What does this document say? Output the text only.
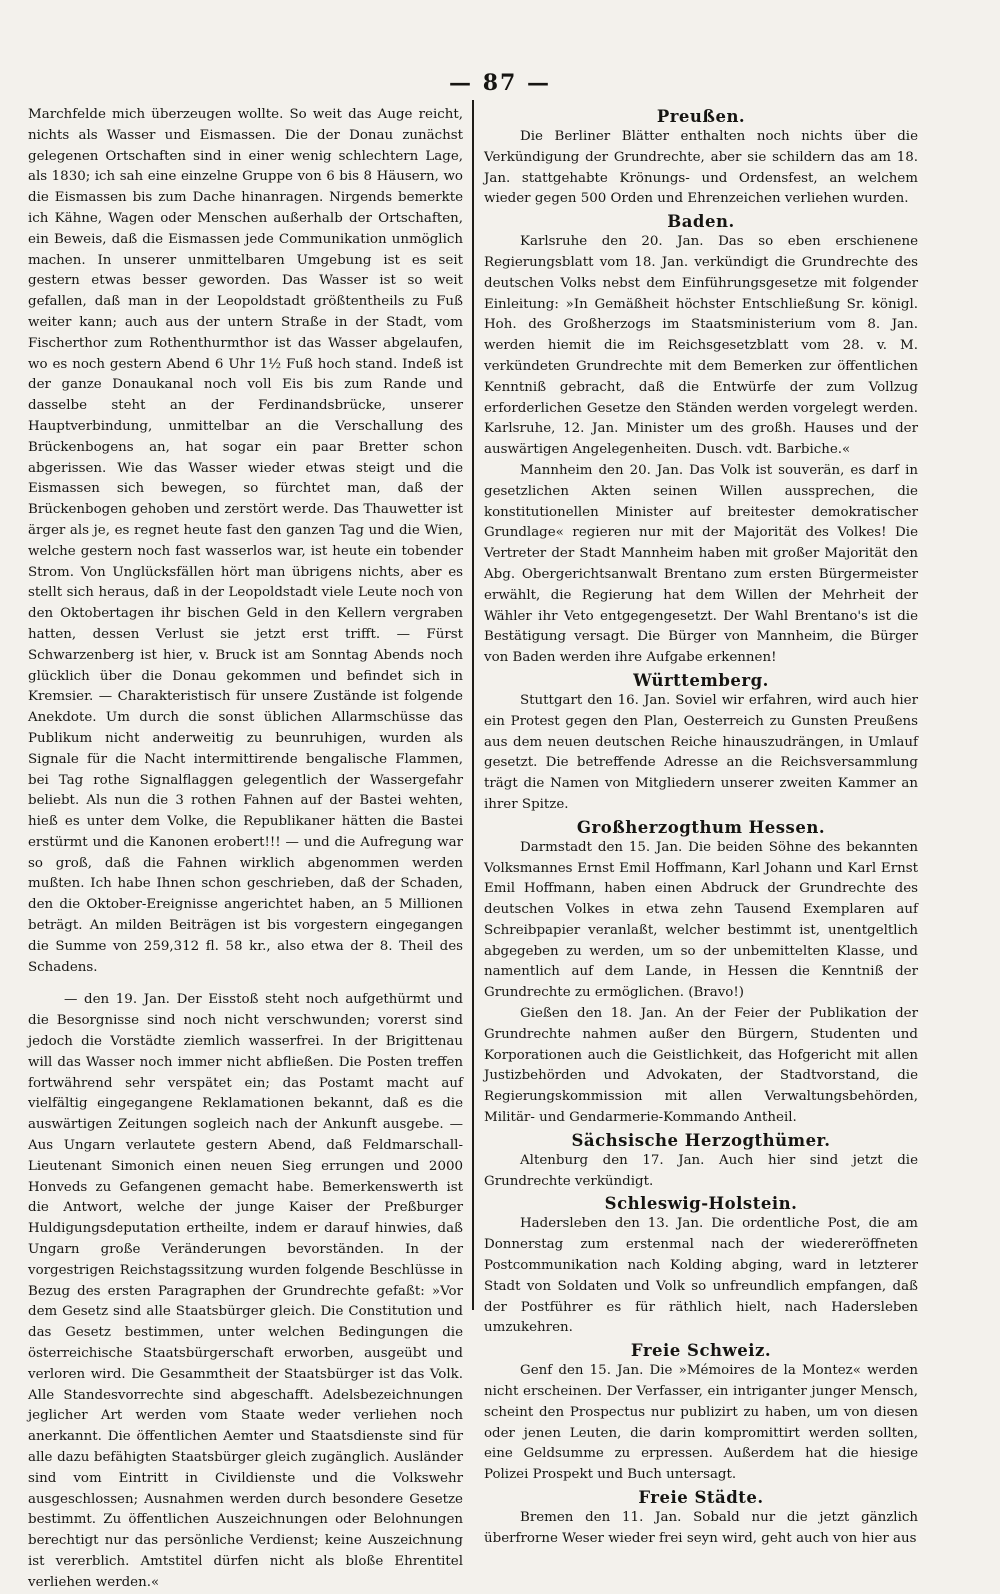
— 87 —

Marchfelde mich überzeugen wollte. So weit das Auge reicht, nichts als Wasser und Eismassen. Die der Donau zunächst gelegenen Ortschaften sind in einer wenig schlechtern Lage, als 1830; ich sah eine einzelne Gruppe von 6 bis 8 Häusern, wo die Eismassen bis zum Dache hinanragen. Nirgends bemerkte ich Kähne, Wagen oder Menschen außerhalb der Ortschaften, ein Beweis, daß die Eismassen jede Communikation unmöglich machen. In unserer unmittelbaren Umgebung ist es seit gestern etwas besser geworden. Das Wasser ist so weit gefallen, daß man in der Leopoldstadt größtentheils zu Fuß weiter kann; auch aus der untern Straße in der Stadt, vom Fischerthor zum Rothenthurmthor ist das Wasser abgelaufen, wo es noch gestern Abend 6 Uhr 1½ Fuß hoch stand. Indeß ist der ganze Donaukanal noch voll Eis bis zum Rande und dasselbe steht an der Ferdinandsbrücke, unserer Hauptverbindung, unmittelbar an die Verschallung des Brückenbogens an, hat sogar ein paar Bretter schon abgerissen. Wie das Wasser wieder etwas steigt und die Eismassen sich bewegen, so fürchtet man, daß der Brückenbogen gehoben und zerstört werde. Das Thauwetter ist ärger als je, es regnet heute fast den ganzen Tag und die Wien, welche gestern noch fast wasserlos war, ist heute ein tobender Strom. Von Unglücksfällen hört man übrigens nichts, aber es stellt sich heraus, daß in der Leopoldstadt viele Leute noch von den Oktobertagen ihr bischen Geld in den Kellern vergraben hatten, dessen Verlust sie jetzt erst trifft. — Fürst Schwarzenberg ist hier, v. Bruck ist am Sonntag Abends noch glücklich über die Donau gekommen und befindet sich in Kremsier. — Charakteristisch für unsere Zustände ist folgende Anekdote. Um durch die sonst üblichen Allarmschüsse das Publikum nicht anderweitig zu beunruhigen, wurden als Signale für die Nacht intermittirende bengalische Flammen, bei Tag rothe Signalflaggen gelegentlich der Wassergefahr beliebt. Als nun die 3 rothen Fahnen auf der Bastei wehten, hieß es unter dem Volke, die Republikaner hätten die Bastei erstürmt und die Kanonen erobert!!! — und die Aufregung war so groß, daß die Fahnen wirklich abgenommen werden mußten. Ich habe Ihnen schon geschrieben, daß der Schaden, den die Oktober-Ereignisse angerichtet haben, an 5 Millionen beträgt. An milden Beiträgen ist bis vorgestern eingegangen die Summe von 259,312 fl. 58 kr., also etwa der 8. Theil des Schadens.

— den 19. Jan. Der Eisstoß steht noch aufgethürmt und die Besorgnisse sind noch nicht verschwunden; vorerst sind jedoch die Vorstädte ziemlich wasserfrei. In der Brigittenau will das Wasser noch immer nicht abfließen. Die Posten treffen fortwährend sehr verspätet ein; das Postamt macht auf vielfältig eingegangene Reklamationen bekannt, daß es die auswärtigen Zeitungen sogleich nach der Ankunft ausgebe. — Aus Ungarn verlautete gestern Abend, daß Feldmarschall-Lieutenant Simonich einen neuen Sieg errungen und 2000 Honveds zu Gefangenen gemacht habe. Bemerkenswerth ist die Antwort, welche der junge Kaiser der Preßburger Huldigungsdeputation ertheilte, indem er darauf hinwies, daß Ungarn große Veränderungen bevorständen. In der vorgestrigen Reichstagssitzung wurden folgende Beschlüsse in Bezug des ersten Paragraphen der Grundrechte gefaßt: »Vor dem Gesetz sind alle Staatsbürger gleich. Die Constitution und das Gesetz bestimmen, unter welchen Bedingungen die österreichische Staatsbürgerschaft erworben, ausgeübt und verloren wird. Die Gesammtheit der Staatsbürger ist das Volk. Alle Standesvorrechte sind abgeschafft. Adelsbezeichnungen jeglicher Art werden vom Staate weder verliehen noch anerkannt. Die öffentlichen Aemter und Staatsdienste sind für alle dazu befähigten Staatsbürger gleich zugänglich. Ausländer sind vom Eintritt in Civildienste und die Volkswehr ausgeschlossen; Ausnahmen werden durch besondere Gesetze bestimmt. Zu öffentlichen Auszeichnungen oder Belohnungen berechtigt nur das persönliche Verdienst; keine Auszeichnung ist vererblich. Amtstitel dürfen nicht als bloße Ehrentitel verliehen werden.«

Preußen.

Die Berliner Blätter enthalten noch nichts über die Verkündigung der Grundrechte, aber sie schildern das am 18. Jan. stattgehabte Krönungs- und Ordensfest, an welchem wieder gegen 500 Orden und Ehrenzeichen verliehen wurden.

Baden.

Karlsruhe den 20. Jan. Das so eben erschienene Regierungsblatt vom 18. Jan. verkündigt die Grundrechte des deutschen Volks nebst dem Einführungsgesetze mit folgender Einleitung: »In Gemäßheit höchster Entschließung Sr. königl. Hoh. des Großherzogs im Staatsministerium vom 8. Jan. werden hiemit die im Reichsgesetzblatt vom 28. v. M. verkündeten Grundrechte mit dem Bemerken zur öffentlichen Kenntniß gebracht, daß die Entwürfe der zum Vollzug erforderlichen Gesetze den Ständen werden vorgelegt werden. Karlsruhe, 12. Jan. Minister um des großh. Hauses und der auswärtigen Angelegenheiten. Dusch. vdt. Barbiche.«

Mannheim den 20. Jan. Das Volk ist souverän, es darf in gesetzlichen Akten seinen Willen aussprechen, die konstitutionellen Minister auf breitester demokratischer Grundlage« regieren nur mit der Majorität des Volkes! Die Vertreter der Stadt Mannheim haben mit großer Majorität den Abg. Obergerichtsanwalt Brentano zum ersten Bürgermeister erwählt, die Regierung hat dem Willen der Mehrheit der Wähler ihr Veto entgegengesetzt. Der Wahl Brentano's ist die Bestätigung versagt. Die Bürger von Mannheim, die Bürger von Baden werden ihre Aufgabe erkennen!

Württemberg.

Stuttgart den 16. Jan. Soviel wir erfahren, wird auch hier ein Protest gegen den Plan, Oesterreich zu Gunsten Preußens aus dem neuen deutschen Reiche hinauszudrängen, in Umlauf gesetzt. Die betreffende Adresse an die Reichsversammlung trägt die Namen von Mitgliedern unserer zweiten Kammer an ihrer Spitze.

Großherzogthum Hessen.

Darmstadt den 15. Jan. Die beiden Söhne des bekannten Volksmannes Ernst Emil Hoffmann, Karl Johann und Karl Ernst Emil Hoffmann, haben einen Abdruck der Grundrechte des deutschen Volkes in etwa zehn Tausend Exemplaren auf Schreibpapier veranlaßt, welcher bestimmt ist, unentgeltlich abgegeben zu werden, um so der unbemittelten Klasse, und namentlich auf dem Lande, in Hessen die Kenntniß der Grundrechte zu ermöglichen. (Bravo!)

Gießen den 18. Jan. An der Feier der Publikation der Grundrechte nahmen außer den Bürgern, Studenten und Korporationen auch die Geistlichkeit, das Hofgericht mit allen Justizbehörden und Advokaten, der Stadtvorstand, die Regierungskommission mit allen Verwaltungsbehörden, Militär- und Gendarmerie-Kommando Antheil.

Sächsische Herzogthümer.

Altenburg den 17. Jan. Auch hier sind jetzt die Grundrechte verkündigt.

Schleswig-Holstein.

Hadersleben den 13. Jan. Die ordentliche Post, die am Donnerstag zum erstenmal nach der wiedereröffneten Postcommunikation nach Kolding abging, ward in letzterer Stadt von Soldaten und Volk so unfreundlich empfangen, daß der Postführer es für räthlich hielt, nach Hadersleben umzukehren.

Freie Schweiz.

Genf den 15. Jan. Die »Mémoires de la Montez« werden nicht erscheinen. Der Verfasser, ein intriganter junger Mensch, scheint den Prospectus nur publizirt zu haben, um von diesen oder jenen Leuten, die darin kompromittirt werden sollten, eine Geldsumme zu erpressen. Außerdem hat die hiesige Polizei Prospekt und Buch untersagt.

Freie Städte.

Bremen den 11. Jan. Sobald nur die jetzt gänzlich überfrorne Weser wieder frei seyn wird, geht auch von hier aus
